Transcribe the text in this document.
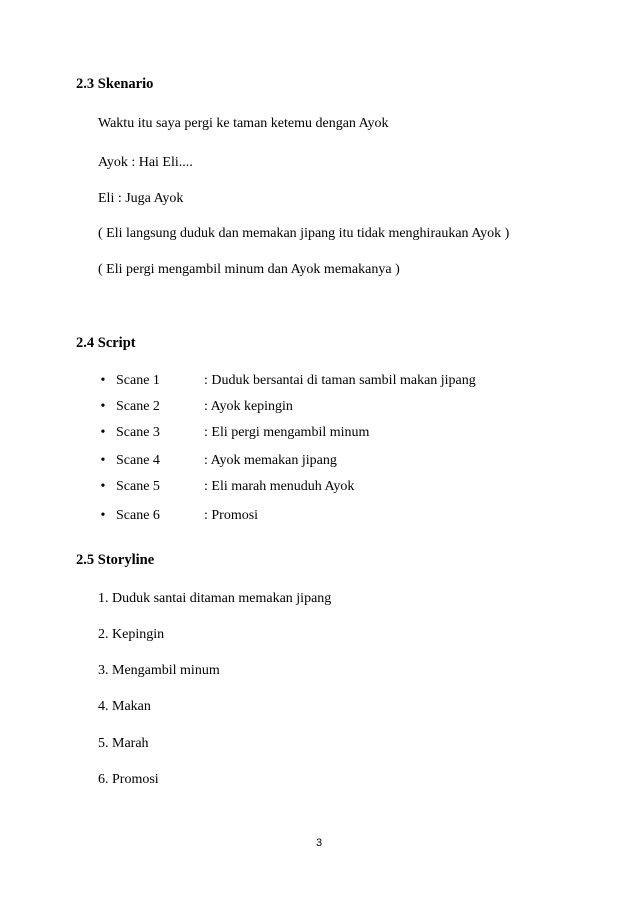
2.3 Skenario
Waktu itu saya pergi ke taman ketemu dengan Ayok
Ayok : Hai Eli....
Eli : Juga Ayok
( Eli langsung duduk dan memakan jipang itu tidak menghiraukan Ayok )
( Eli pergi mengambil minum dan Ayok memakanya )
2.4 Script
• Scane 1	: Duduk bersantai di taman sambil makan jipang
• Scane 2	: Ayok kepingin
• Scane 3	: Eli pergi mengambil minum
• Scane 4	: Ayok memakan jipang
• Scane 5	: Eli marah menuduh Ayok
• Scane 6	: Promosi
2.5 Storyline
1. Duduk santai ditaman memakan jipang
2. Kepingin
3. Mengambil minum
4. Makan
5. Marah
6. Promosi
3
